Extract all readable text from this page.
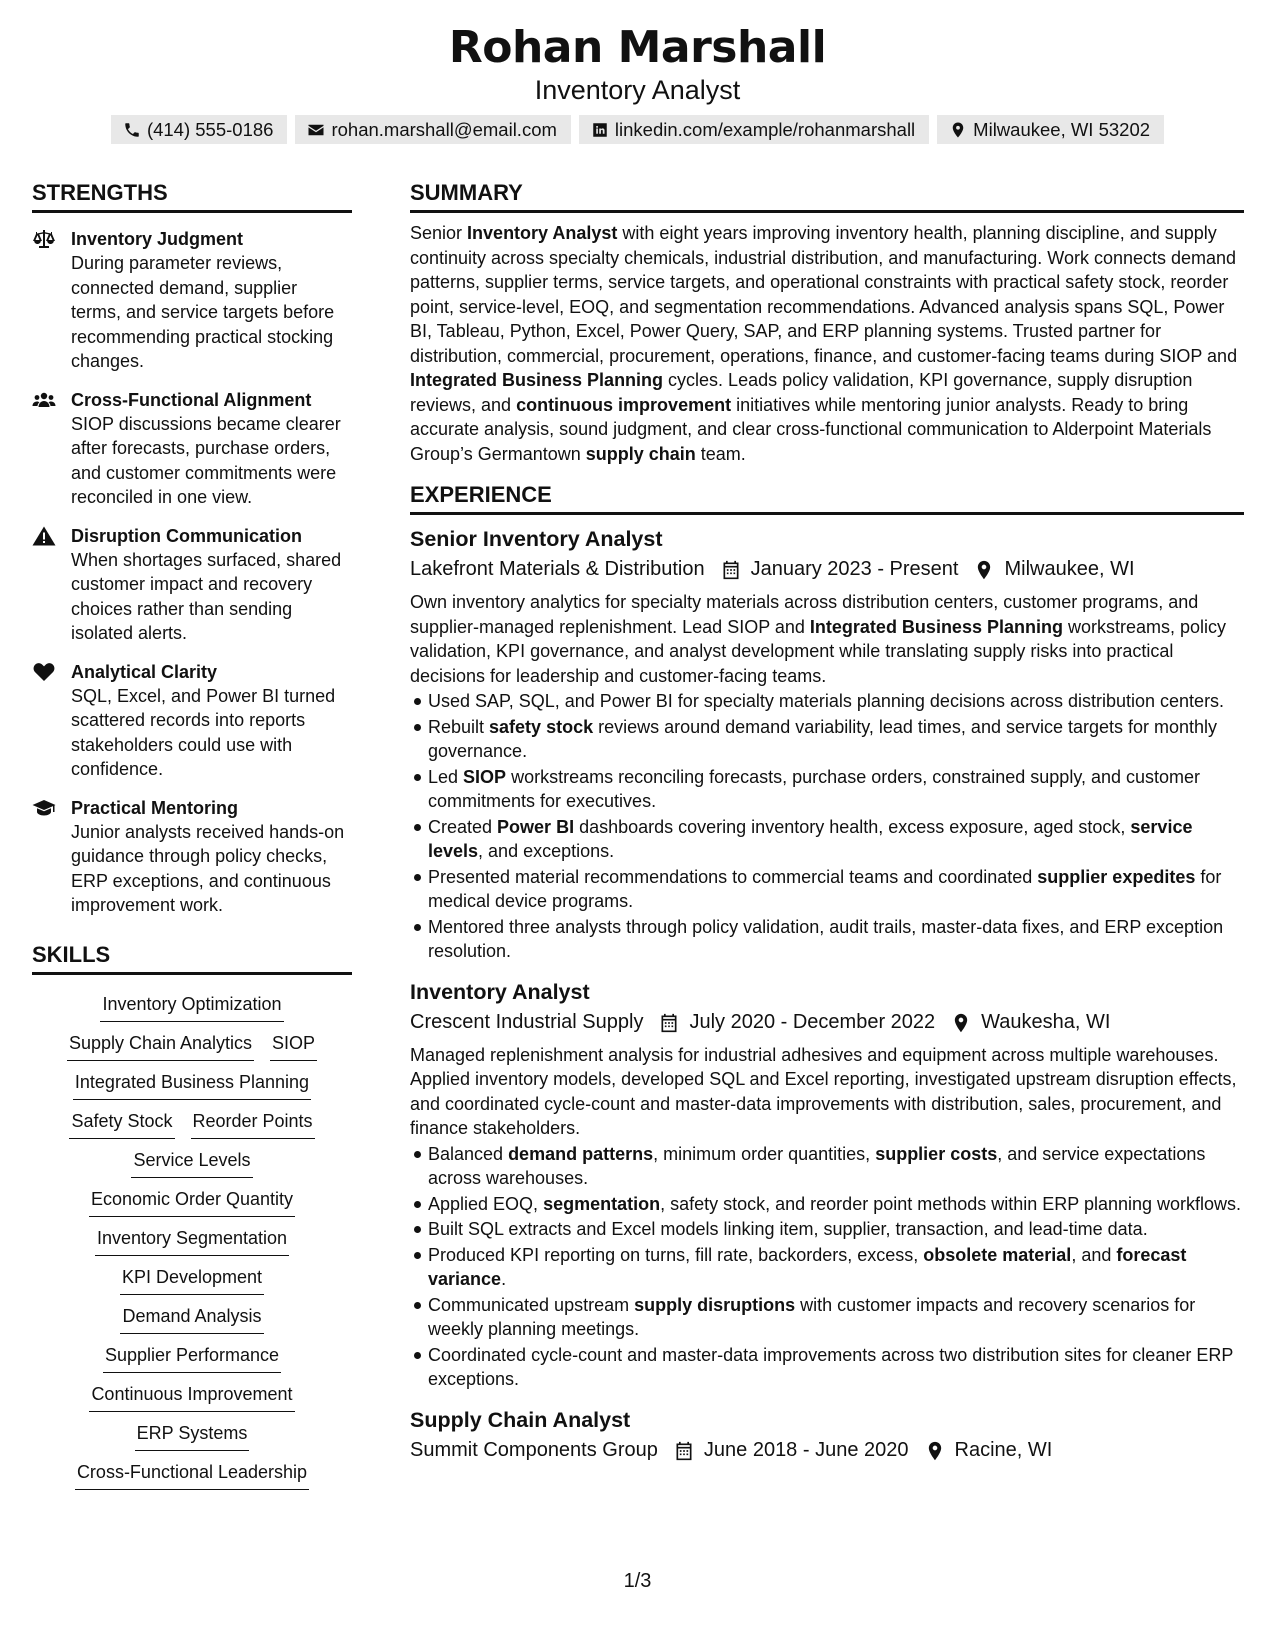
Rohan Marshall
Inventory Analyst
(414) 555-0186	rohan.marshall@email.com	linkedin.com/example/rohanmarshall	Milwaukee, WI 53202
STRENGTHS
Inventory Judgment
During parameter reviews, connected demand, supplier terms, and service targets before recommending practical stocking changes.
Cross-Functional Alignment
SIOP discussions became clearer after forecasts, purchase orders, and customer commitments were reconciled in one view.
Disruption Communication
When shortages surfaced, shared customer impact and recovery choices rather than sending isolated alerts.
Analytical Clarity
SQL, Excel, and Power BI turned scattered records into reports stakeholders could use with confidence.
Practical Mentoring
Junior analysts received hands-on guidance through policy checks, ERP exceptions, and continuous improvement work.
SKILLS
Inventory Optimization
Supply Chain Analytics SIOP
Integrated Business Planning
Safety Stock Reorder Points
Service Levels
Economic Order Quantity
Inventory Segmentation
KPI Development
Demand Analysis
Supplier Performance
Continuous Improvement
ERP Systems
Cross-Functional Leadership
SUMMARY
Senior Inventory Analyst with eight years improving inventory health, planning discipline, and supply continuity across specialty chemicals, industrial distribution, and manufacturing. Work connects demand patterns, supplier terms, service targets, and operational constraints with practical safety stock, reorder point, service-level, EOQ, and segmentation recommendations. Advanced analysis spans SQL, Power BI, Tableau, Python, Excel, Power Query, SAP, and ERP planning systems. Trusted partner for distribution, commercial, procurement, operations, finance, and customer-facing teams during SIOP and Integrated Business Planning cycles. Leads policy validation, KPI governance, supply disruption reviews, and continuous improvement initiatives while mentoring junior analysts. Ready to bring accurate analysis, sound judgment, and clear cross-functional communication to Alderpoint Materials Group’s Germantown supply chain team.
EXPERIENCE
Senior Inventory Analyst
Lakefront Materials & Distribution January 2023 - Present Milwaukee, WI
Own inventory analytics for specialty materials across distribution centers, customer programs, and supplier-managed replenishment. Lead SIOP and Integrated Business Planning workstreams, policy validation, KPI governance, and analyst development while translating supply risks into practical decisions for leadership and customer-facing teams.
Used SAP, SQL, and Power BI for specialty materials planning decisions across distribution centers.
Rebuilt safety stock reviews around demand variability, lead times, and service targets for monthly governance.
Led SIOP workstreams reconciling forecasts, purchase orders, constrained supply, and customer commitments for executives.
Created Power BI dashboards covering inventory health, excess exposure, aged stock, service levels, and exceptions.
Presented material recommendations to commercial teams and coordinated supplier expedites for medical device programs.
Mentored three analysts through policy validation, audit trails, master-data fixes, and ERP exception resolution.
Inventory Analyst
Crescent Industrial Supply July 2020 - December 2022 Waukesha, WI
Managed replenishment analysis for industrial adhesives and equipment across multiple warehouses. Applied inventory models, developed SQL and Excel reporting, investigated upstream disruption effects, and coordinated cycle-count and master-data improvements with distribution, sales, procurement, and finance stakeholders.
Balanced demand patterns, minimum order quantities, supplier costs, and service expectations across warehouses.
Applied EOQ, segmentation, safety stock, and reorder point methods within ERP planning workflows.
Built SQL extracts and Excel models linking item, supplier, transaction, and lead-time data.
Produced KPI reporting on turns, fill rate, backorders, excess, obsolete material, and forecast variance.
Communicated upstream supply disruptions with customer impacts and recovery scenarios for weekly planning meetings.
Coordinated cycle-count and master-data improvements across two distribution sites for cleaner ERP exceptions.
Supply Chain Analyst
Summit Components Group June 2018 - June 2020 Racine, WI
1/3
